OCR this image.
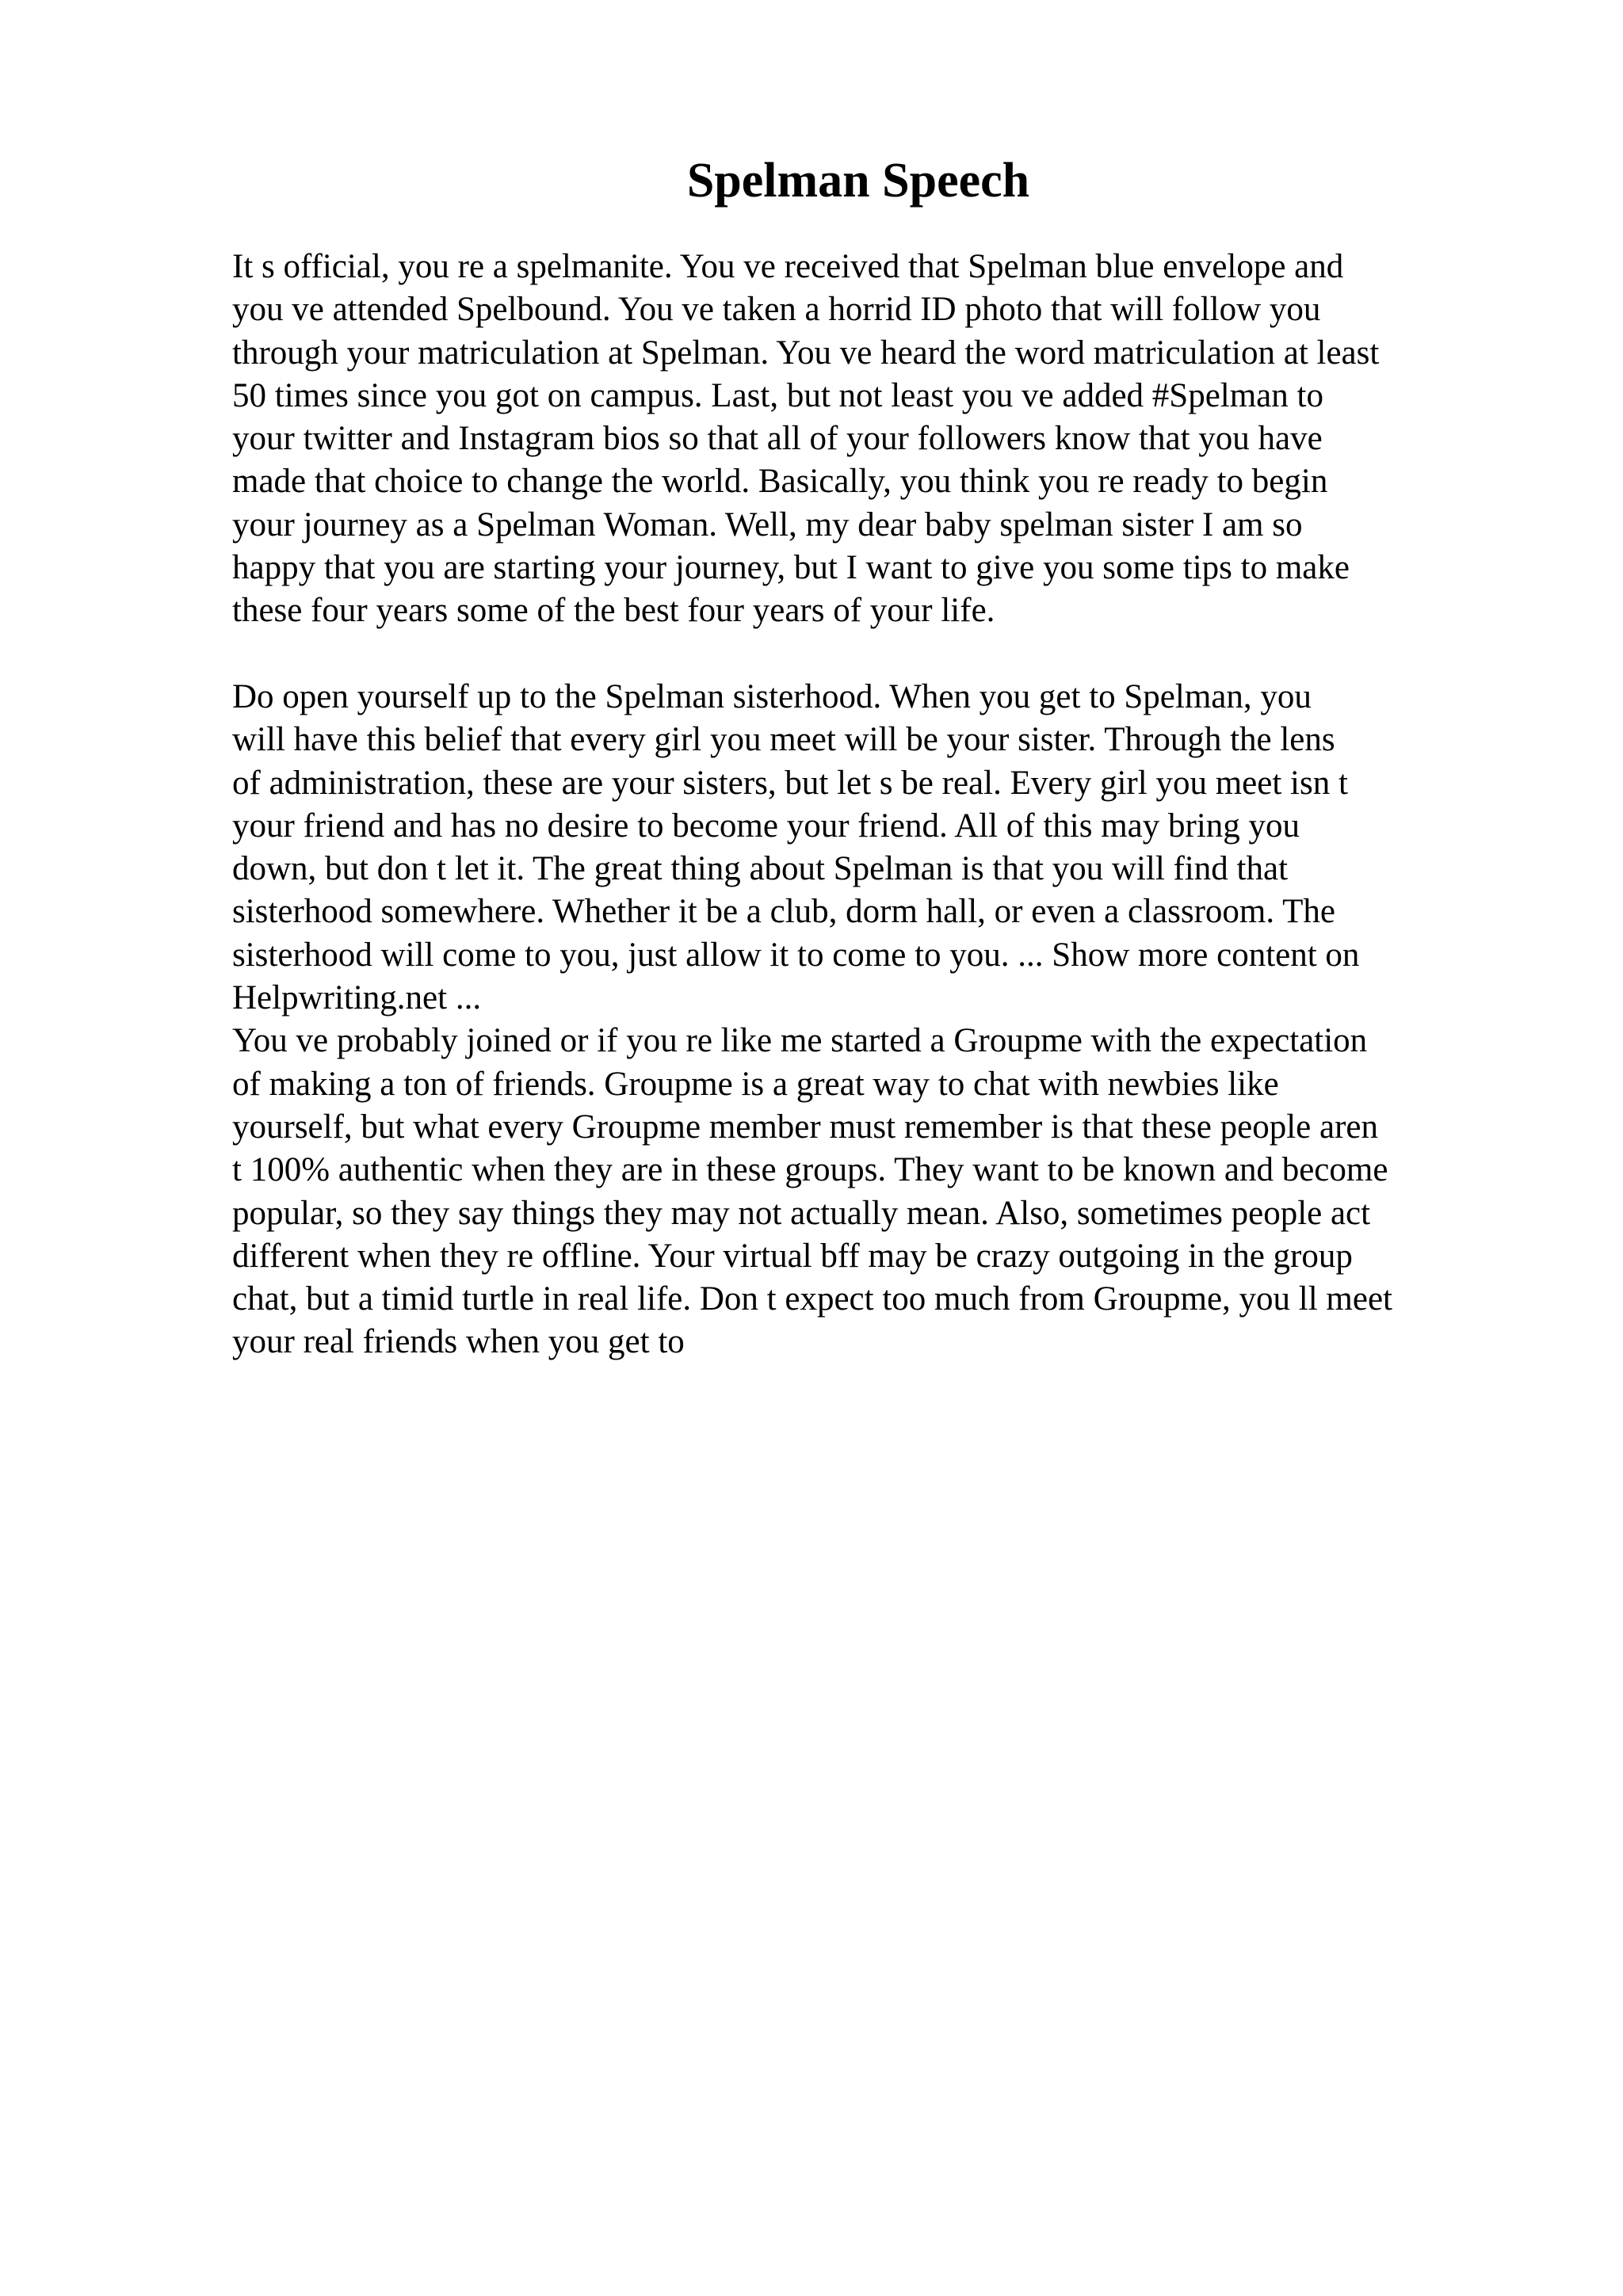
Spelman Speech
It s official, you re a spelmanite. You ve received that Spelman blue envelope and
you ve attended Spelbound. You ve taken a horrid ID photo that will follow you
through your matriculation at Spelman. You ve heard the word matriculation at least
50 times since you got on campus. Last, but not least you ve added #Spelman to
your twitter and Instagram bios so that all of your followers know that you have
made that choice to change the world. Basically, you think you re ready to begin
your journey as a Spelman Woman. Well, my dear baby spelman sister I am so
happy that you are starting your journey, but I want to give you some tips to make
these four years some of the best four years of your life.
Do open yourself up to the Spelman sisterhood. When you get to Spelman, you
will have this belief that every girl you meet will be your sister. Through the lens
of administration, these are your sisters, but let s be real. Every girl you meet isn t
your friend and has no desire to become your friend. All of this may bring you
down, but don t let it. The great thing about Spelman is that you will find that
sisterhood somewhere. Whether it be a club, dorm hall, or even a classroom. The
sisterhood will come to you, just allow it to come to you. ... Show more content on
Helpwriting.net ...
You ve probably joined or if you re like me started a Groupme with the expectation
of making a ton of friends. Groupme is a great way to chat with newbies like
yourself, but what every Groupme member must remember is that these people aren
t 100% authentic when they are in these groups. They want to be known and become
popular, so they say things they may not actually mean. Also, sometimes people act
different when they re offline. Your virtual bff may be crazy outgoing in the group
chat, but a timid turtle in real life. Don t expect too much from Groupme, you ll meet
your real friends when you get to
